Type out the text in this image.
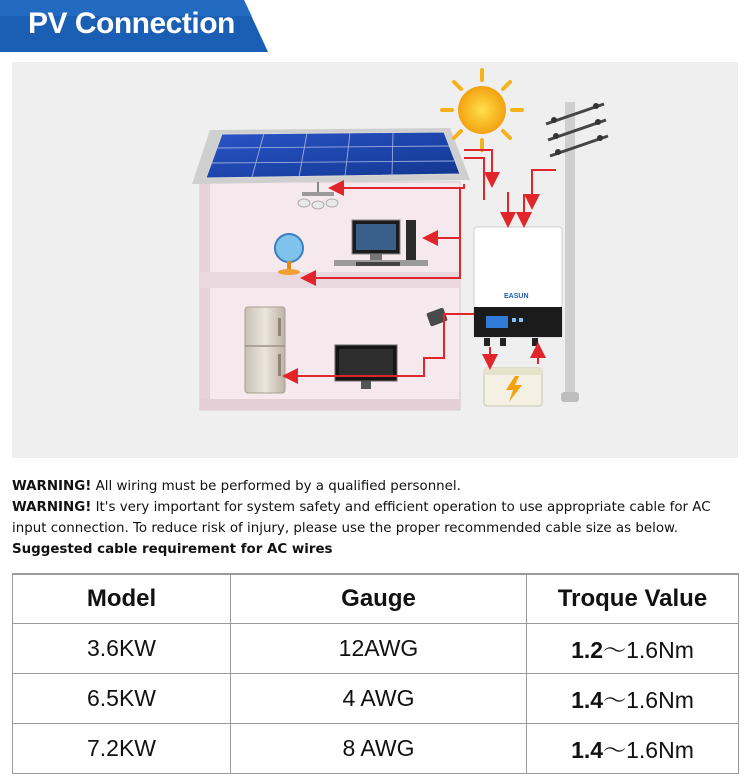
PV Connection
EASUN

WARNING! All wiring must be performed by a qualified personnel.

WARNING! It's very important for system safety and efficient operation to use appropriate cable for AC input connection. To reduce risk of injury, please use the proper recommended cable size as below.

Suggested cable requirement for AC wires

Model	Gauge	Troque Value
3.6KW	12AWG	1.2～1.6Nm
6.5KW	4 AWG	1.4～1.6Nm
7.2KW	8 AWG	1.4～1.6Nm
